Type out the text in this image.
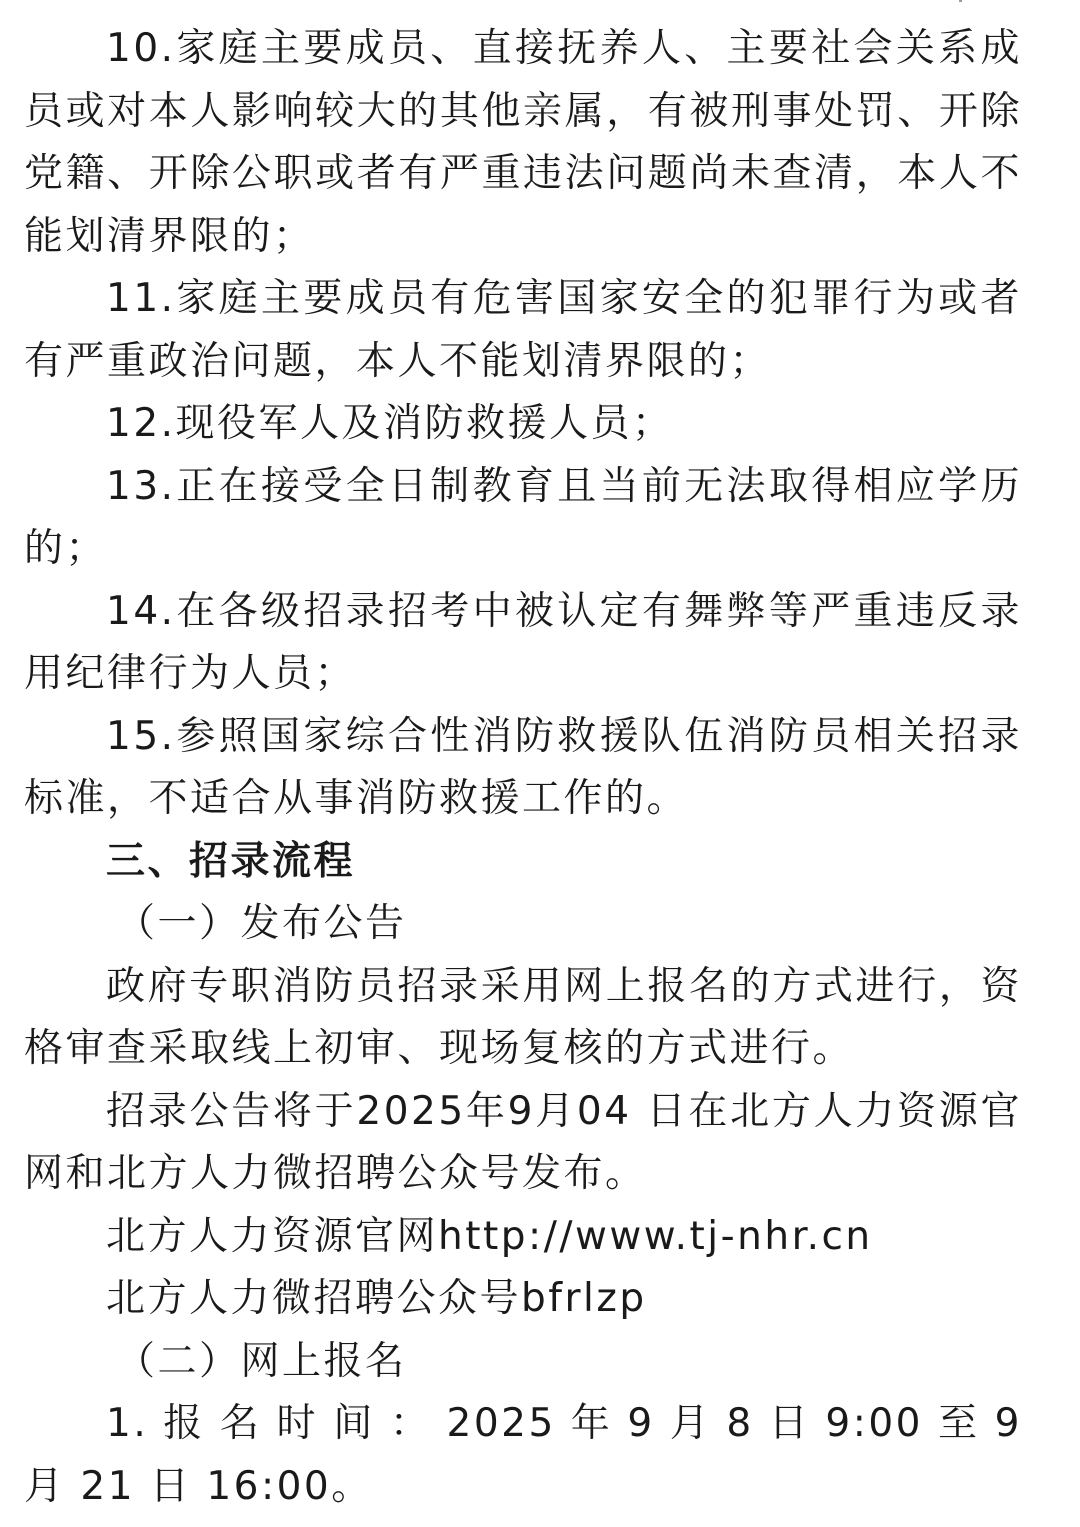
10.家庭主要成员、直接抚养人、主要社会关系成员或对本人影响较大的其他亲属，有被刑事处罚、开除党籍、开除公职或者有严重违法问题尚未查清，本人不能划清界限的；

11.家庭主要成员有危害国家安全的犯罪行为或者有严重政治问题，本人不能划清界限的；

12.现役军人及消防救援人员；

13.正在接受全日制教育且当前无法取得相应学历的；

14.在各级招录招考中被认定有舞弊等严重违反录用纪律行为人员；

15.参照国家综合性消防救援队伍消防员相关招录标准，不适合从事消防救援工作的。

三、招录流程

（一）发布公告

政府专职消防员招录采用网上报名的方式进行，资格审查采取线上初审、现场复核的方式进行。

招录公告将于2025年9月04 日在北方人力资源官网和北方人力微招聘公众号发布。

北方人力资源官网http://www.tj-nhr.cn

北方人力微招聘公众号bfrlzp

（二）网上报名

1. 报 名 时 间 ： 2025 年 9 月 8 日 9:00 至 9 月 21 日 16:00。
